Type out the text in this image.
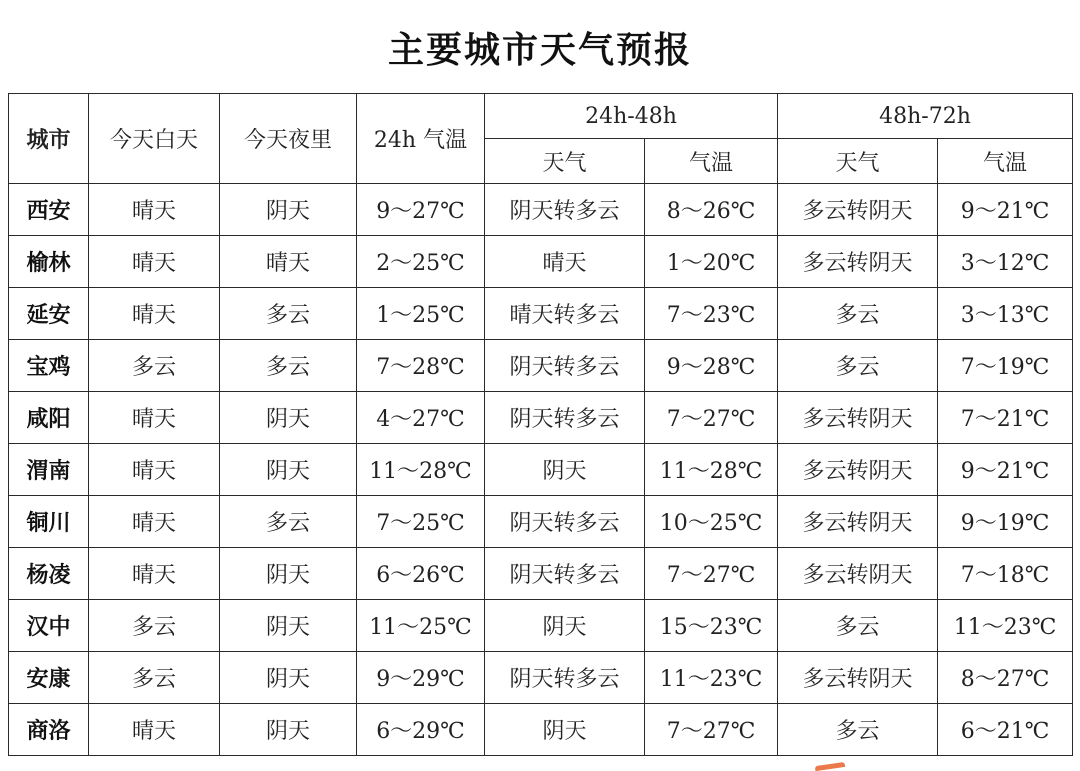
主要城市天气预报
城市	今天白天	今天夜里	24h 气温	24h-48h		48h-72h	
				天气	气温	天气	气温
西安	晴天	阴天	9～27℃	阴天转多云	8～26℃	多云转阴天	9～21℃
榆林	晴天	晴天	2～25℃	晴天	1～20℃	多云转阴天	3～12℃
延安	晴天	多云	1～25℃	晴天转多云	7～23℃	多云	3～13℃
宝鸡	多云	多云	7～28℃	阴天转多云	9～28℃	多云	7～19℃
咸阳	晴天	阴天	4～27℃	阴天转多云	7～27℃	多云转阴天	7～21℃
渭南	晴天	阴天	11～28℃	阴天	11～28℃	多云转阴天	9～21℃
铜川	晴天	多云	7～25℃	阴天转多云	10～25℃	多云转阴天	9～19℃
杨凌	晴天	阴天	6～26℃	阴天转多云	7～27℃	多云转阴天	7～18℃
汉中	多云	阴天	11～25℃	阴天	15～23℃	多云	11～23℃
安康	多云	阴天	9～29℃	阴天转多云	11～23℃	多云转阴天	8～27℃
商洛	晴天	阴天	6～29℃	阴天	7～27℃	多云	6～21℃
